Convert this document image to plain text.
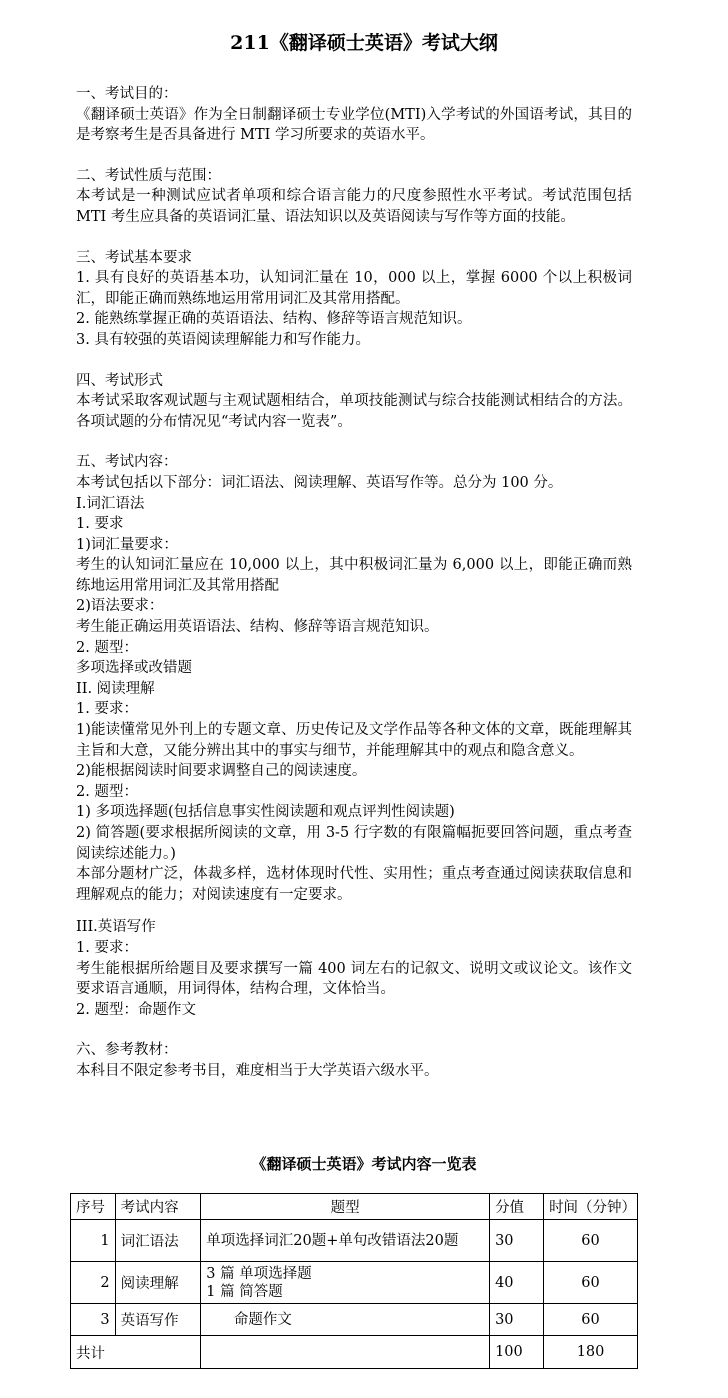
211《翻译硕士英语》考试大纲

一、考试目的：

《翻译硕士英语》作为全日制翻译硕士专业学位(MTI)入学考试的外国语考试，其目的是考察考生是否具备进行 MTI 学习所要求的英语水平。

二、考试性质与范围：

本考试是一种测试应试者单项和综合语言能力的尺度参照性水平考试。考试范围包括 MTI 考生应具备的英语词汇量、语法知识以及英语阅读与写作等方面的技能。

三、考试基本要求

1. 具有良好的英语基本功，认知词汇量在 10，000 以上，掌握 6000 个以上积极词汇，即能正确而熟练地运用常用词汇及其常用搭配。

2. 能熟练掌握正确的英语语法、结构、修辞等语言规范知识。

3. 具有较强的英语阅读理解能力和写作能力。

四、考试形式

本考试采取客观试题与主观试题相结合，单项技能测试与综合技能测试相结合的方法。各项试题的分布情况见“考试内容一览表”。

五、考试内容：

本考试包括以下部分：词汇语法、阅读理解、英语写作等。总分为 100 分。

I.词汇语法

1. 要求

1)词汇量要求：

考生的认知词汇量应在 10,000 以上，其中积极词汇量为 6,000 以上，即能正确而熟练地运用常用词汇及其常用搭配

2)语法要求：

考生能正确运用英语语法、结构、修辞等语言规范知识。

2. 题型：

多项选择或改错题

II. 阅读理解

1. 要求：

1)能读懂常见外刊上的专题文章、历史传记及文学作品等各种文体的文章，既能理解其主旨和大意，又能分辨出其中的事实与细节，并能理解其中的观点和隐含意义。

2)能根据阅读时间要求调整自己的阅读速度。

2. 题型：

1) 多项选择题(包括信息事实性阅读题和观点评判性阅读题)

2) 简答题(要求根据所阅读的文章，用 3-5 行字数的有限篇幅扼要回答问题，重点考查阅读综述能力。)

本部分题材广泛，体裁多样，选材体现时代性、实用性；重点考查通过阅读获取信息和理解观点的能力；对阅读速度有一定要求。

III.英语写作

1. 要求：

考生能根据所给题目及要求撰写一篇 400 词左右的记叙文、说明文或议论文。该作文要求语言通顺，用词得体，结构合理，文体恰当。

2. 题型：命题作文

六、参考教材：

本科目不限定参考书目，难度相当于大学英语六级水平。

《翻译硕士英语》考试内容一览表
序号	考试内容	题型	分值	时间（分钟）
1	词汇语法	单项选择词汇20题+单句改错语法20题	30	60
2	阅读理解	3 篇 单项选择题
1 篇 简答题	40	60
3	英语写作	命题作文	30	60
共计			100	180
